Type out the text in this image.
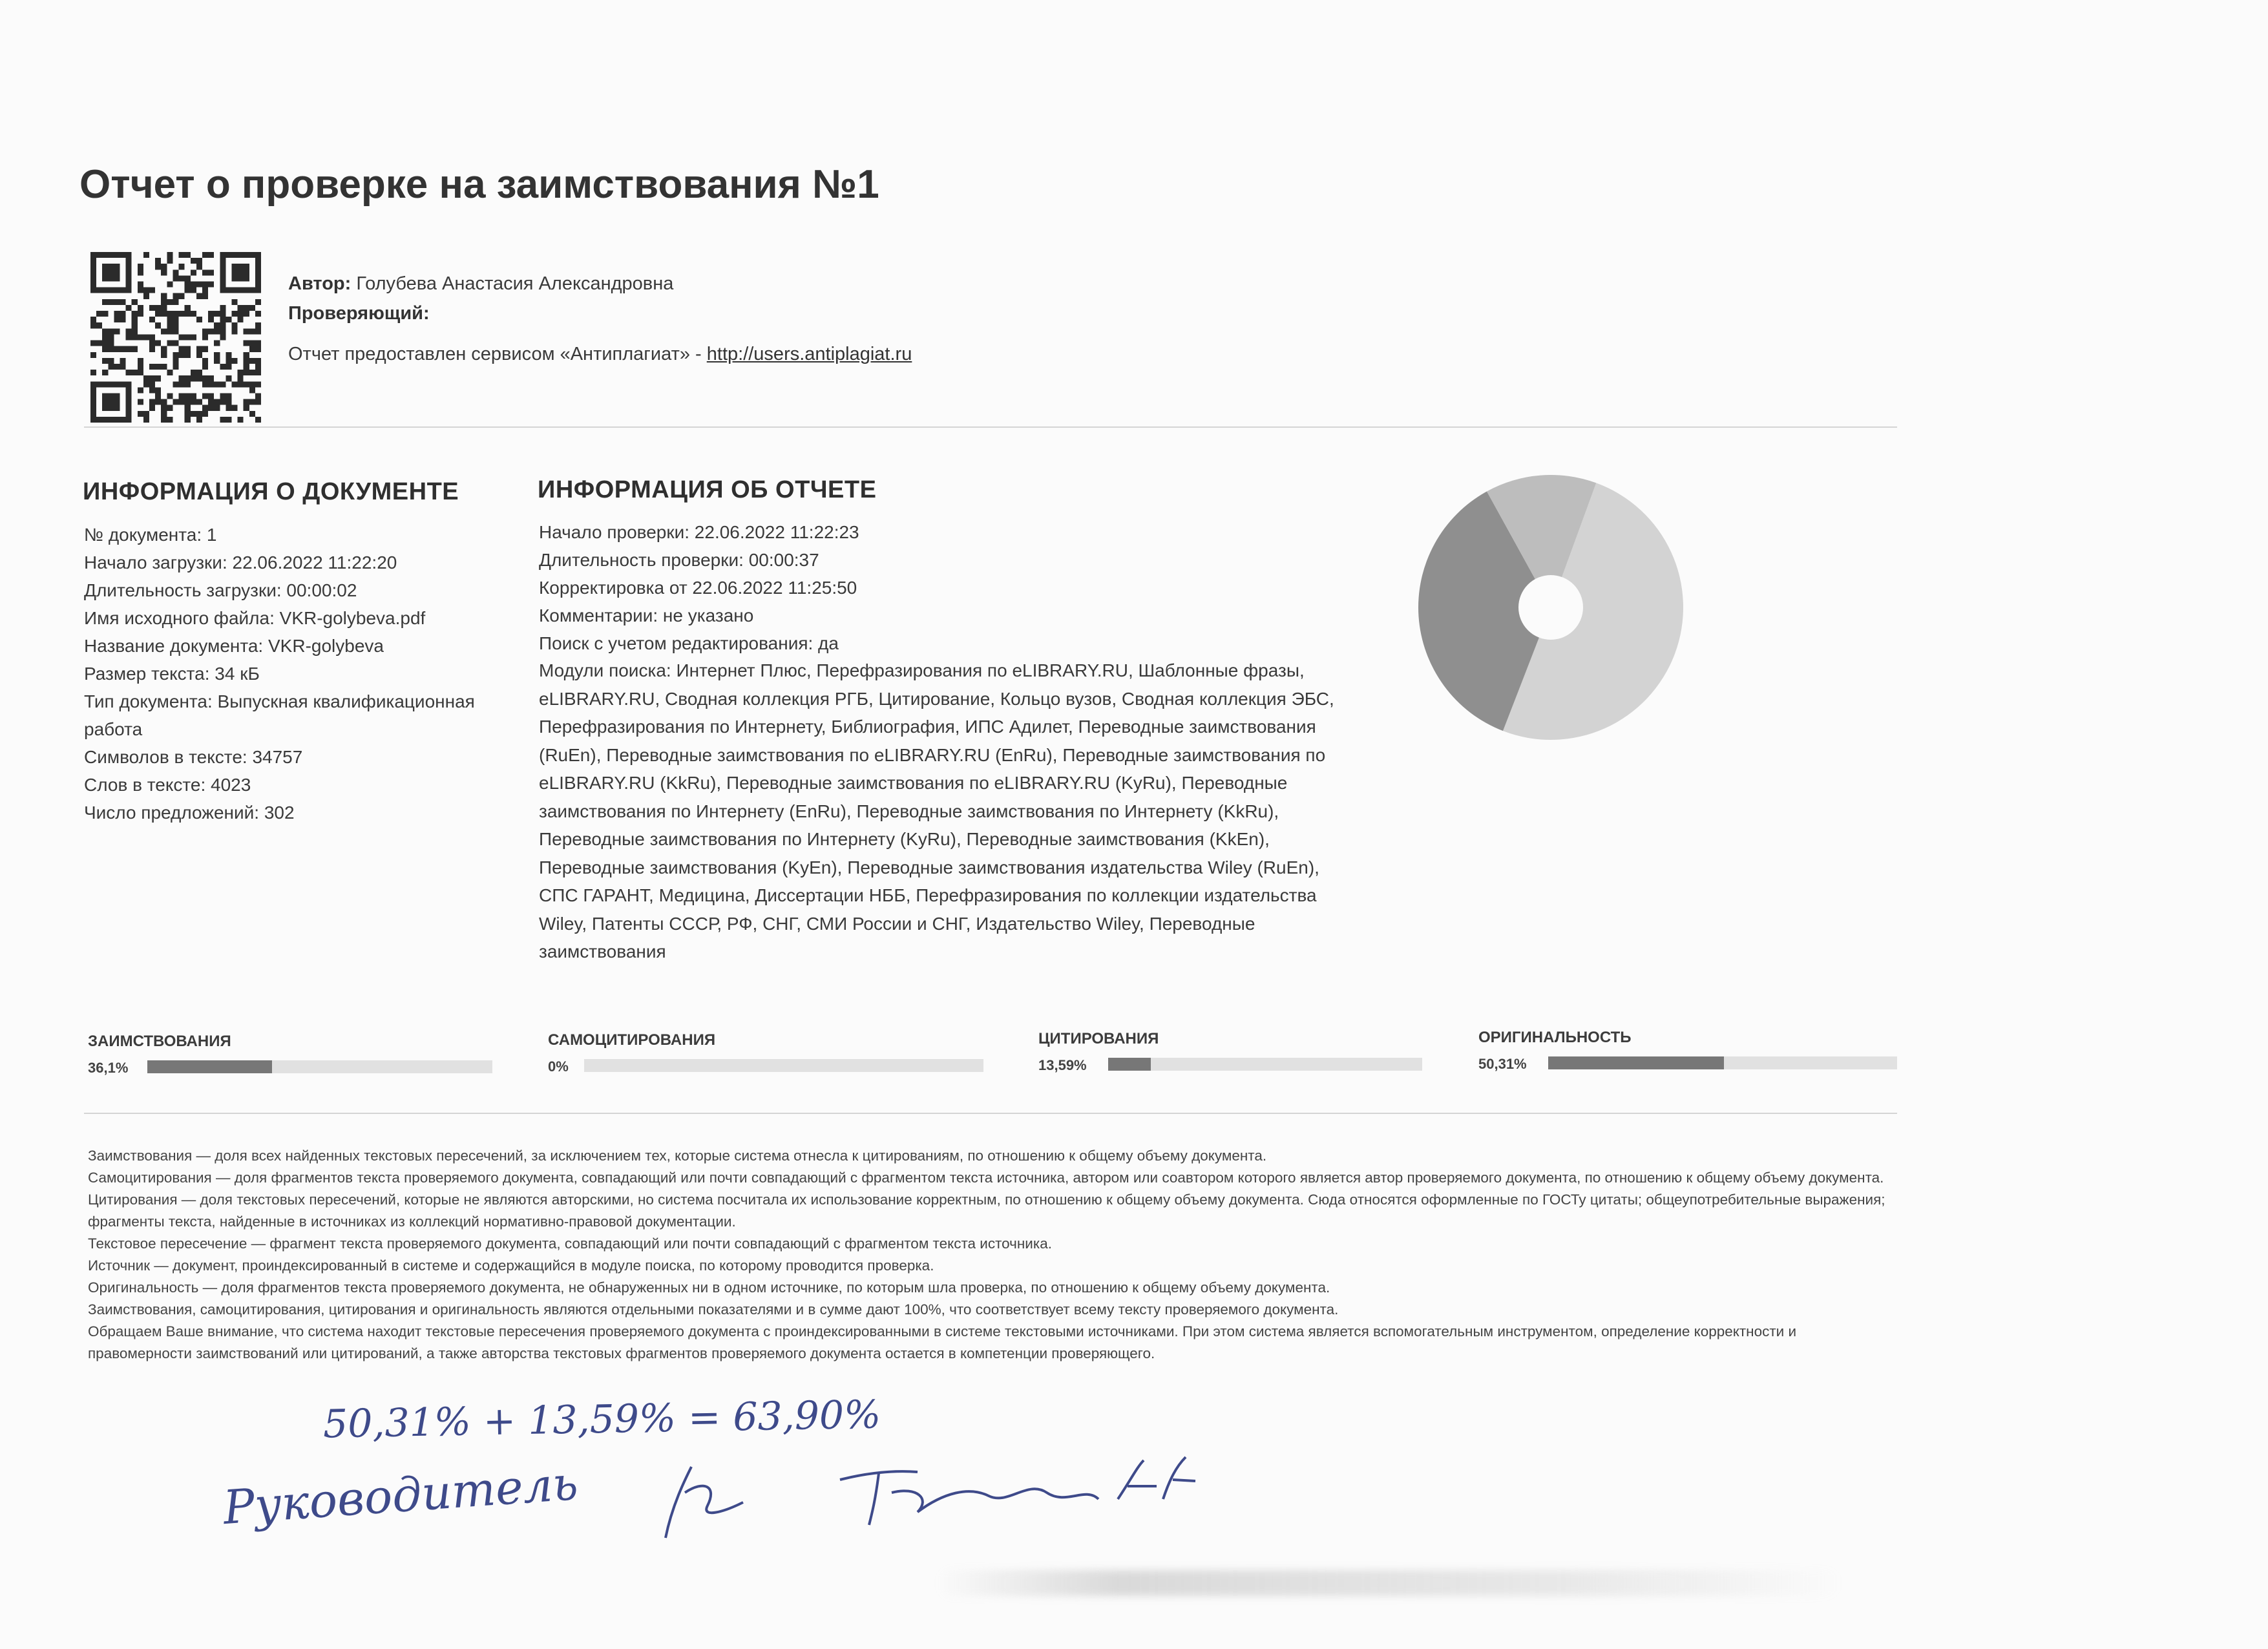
Отчет о проверке на заимствования №1
Автор: Голубева Анастасия Александровна
Проверяющий:
Отчет предоставлен сервисом «Антиплагиат» - http://users.antiplagiat.ru
ИНФОРМАЦИЯ О ДОКУМЕНТЕ
№ документа: 1
Начало загрузки: 22.06.2022 11:22:20
Длительность загрузки: 00:00:02
Имя исходного файла: VKR-golybeva.pdf
Название документа: VKR-golybeva
Размер текста: 34 кБ
Тип документа: Выпускная квалификационная
работа
Символов в тексте: 34757
Слов в тексте: 4023
Число предложений: 302
ИНФОРМАЦИЯ ОБ ОТЧЕТЕ
Начало проверки: 22.06.2022 11:22:23
Длительность проверки: 00:00:37
Корректировка от 22.06.2022 11:25:50
Комментарии: не указано
Поиск с учетом редактирования: да
Модули поиска: Интернет Плюс, Перефразирования по eLIBRARY.RU, Шаблонные фразы, eLIBRARY.RU, Сводная коллекция РГБ, Цитирование, Кольцо вузов, Сводная коллекция ЭБС, Перефразирования по Интернету, Библиография, ИПС Адилет, Переводные заимствования (RuEn), Переводные заимствования по eLIBRARY.RU (EnRu), Переводные заимствования по eLIBRARY.RU (KkRu), Переводные заимствования по eLIBRARY.RU (KyRu), Переводные заимствования по Интернету (EnRu), Переводные заимствования по Интернету (KkRu), Переводные заимствования по Интернету (KyRu), Переводные заимствования (KkEn), Переводные заимствования (KyEn), Переводные заимствования издательства Wiley (RuEn), СПС ГАРАНТ, Медицина, Диссертации НББ, Перефразирования по коллекции издательства Wiley, Патенты СССР, РФ, СНГ, СМИ России и СНГ, Издательство Wiley, Переводные заимствования
ЗАИМСТВОВАНИЯ
36,1%
САМОЦИТИРОВАНИЯ
0%
ЦИТИРОВАНИЯ
13,59%
ОРИГИНАЛЬНОСТЬ
50,31%

Заимствования — доля всех найденных текстовых пересечений, за исключением тех, которые система отнесла к цитированиям, по отношению к общему объему документа.

Самоцитирования — доля фрагментов текста проверяемого документа, совпадающий или почти совпадающий с фрагментом текста источника, автором или соавтором которого является автор проверяемого документа, по отношению к общему объему документа.

Цитирования — доля текстовых пересечений, которые не являются авторскими, но система посчитала их использование корректным, по отношению к общему объему документа. Сюда относятся оформленные по ГОСТу цитаты; общеупотребительные выражения; фрагменты текста, найденные в источниках из коллекций нормативно-правовой документации.

Текстовое пересечение — фрагмент текста проверяемого документа, совпадающий или почти совпадающий с фрагментом текста источника.

Источник — документ, проиндексированный в системе и содержащийся в модуле поиска, по которому проводится проверка.

Оригинальность — доля фрагментов текста проверяемого документа, не обнаруженных ни в одном источнике, по которым шла проверка, по отношению к общему объему документа.

Заимствования, самоцитирования, цитирования и оригинальность являются отдельными показателями и в сумме дают 100%, что соответствует всему тексту проверяемого документа.

Обращаем Ваше внимание, что система находит текстовые пересечения проверяемого документа с проиндексированными в системе текстовыми источниками. При этом система является вспомогательным инструментом, определение корректности и правомерности заимствований или цитирований, а также авторства текстовых фрагментов проверяемого документа остается в компетенции проверяющего.

50,31% + 13,59% = 63,90%
Руководитель
